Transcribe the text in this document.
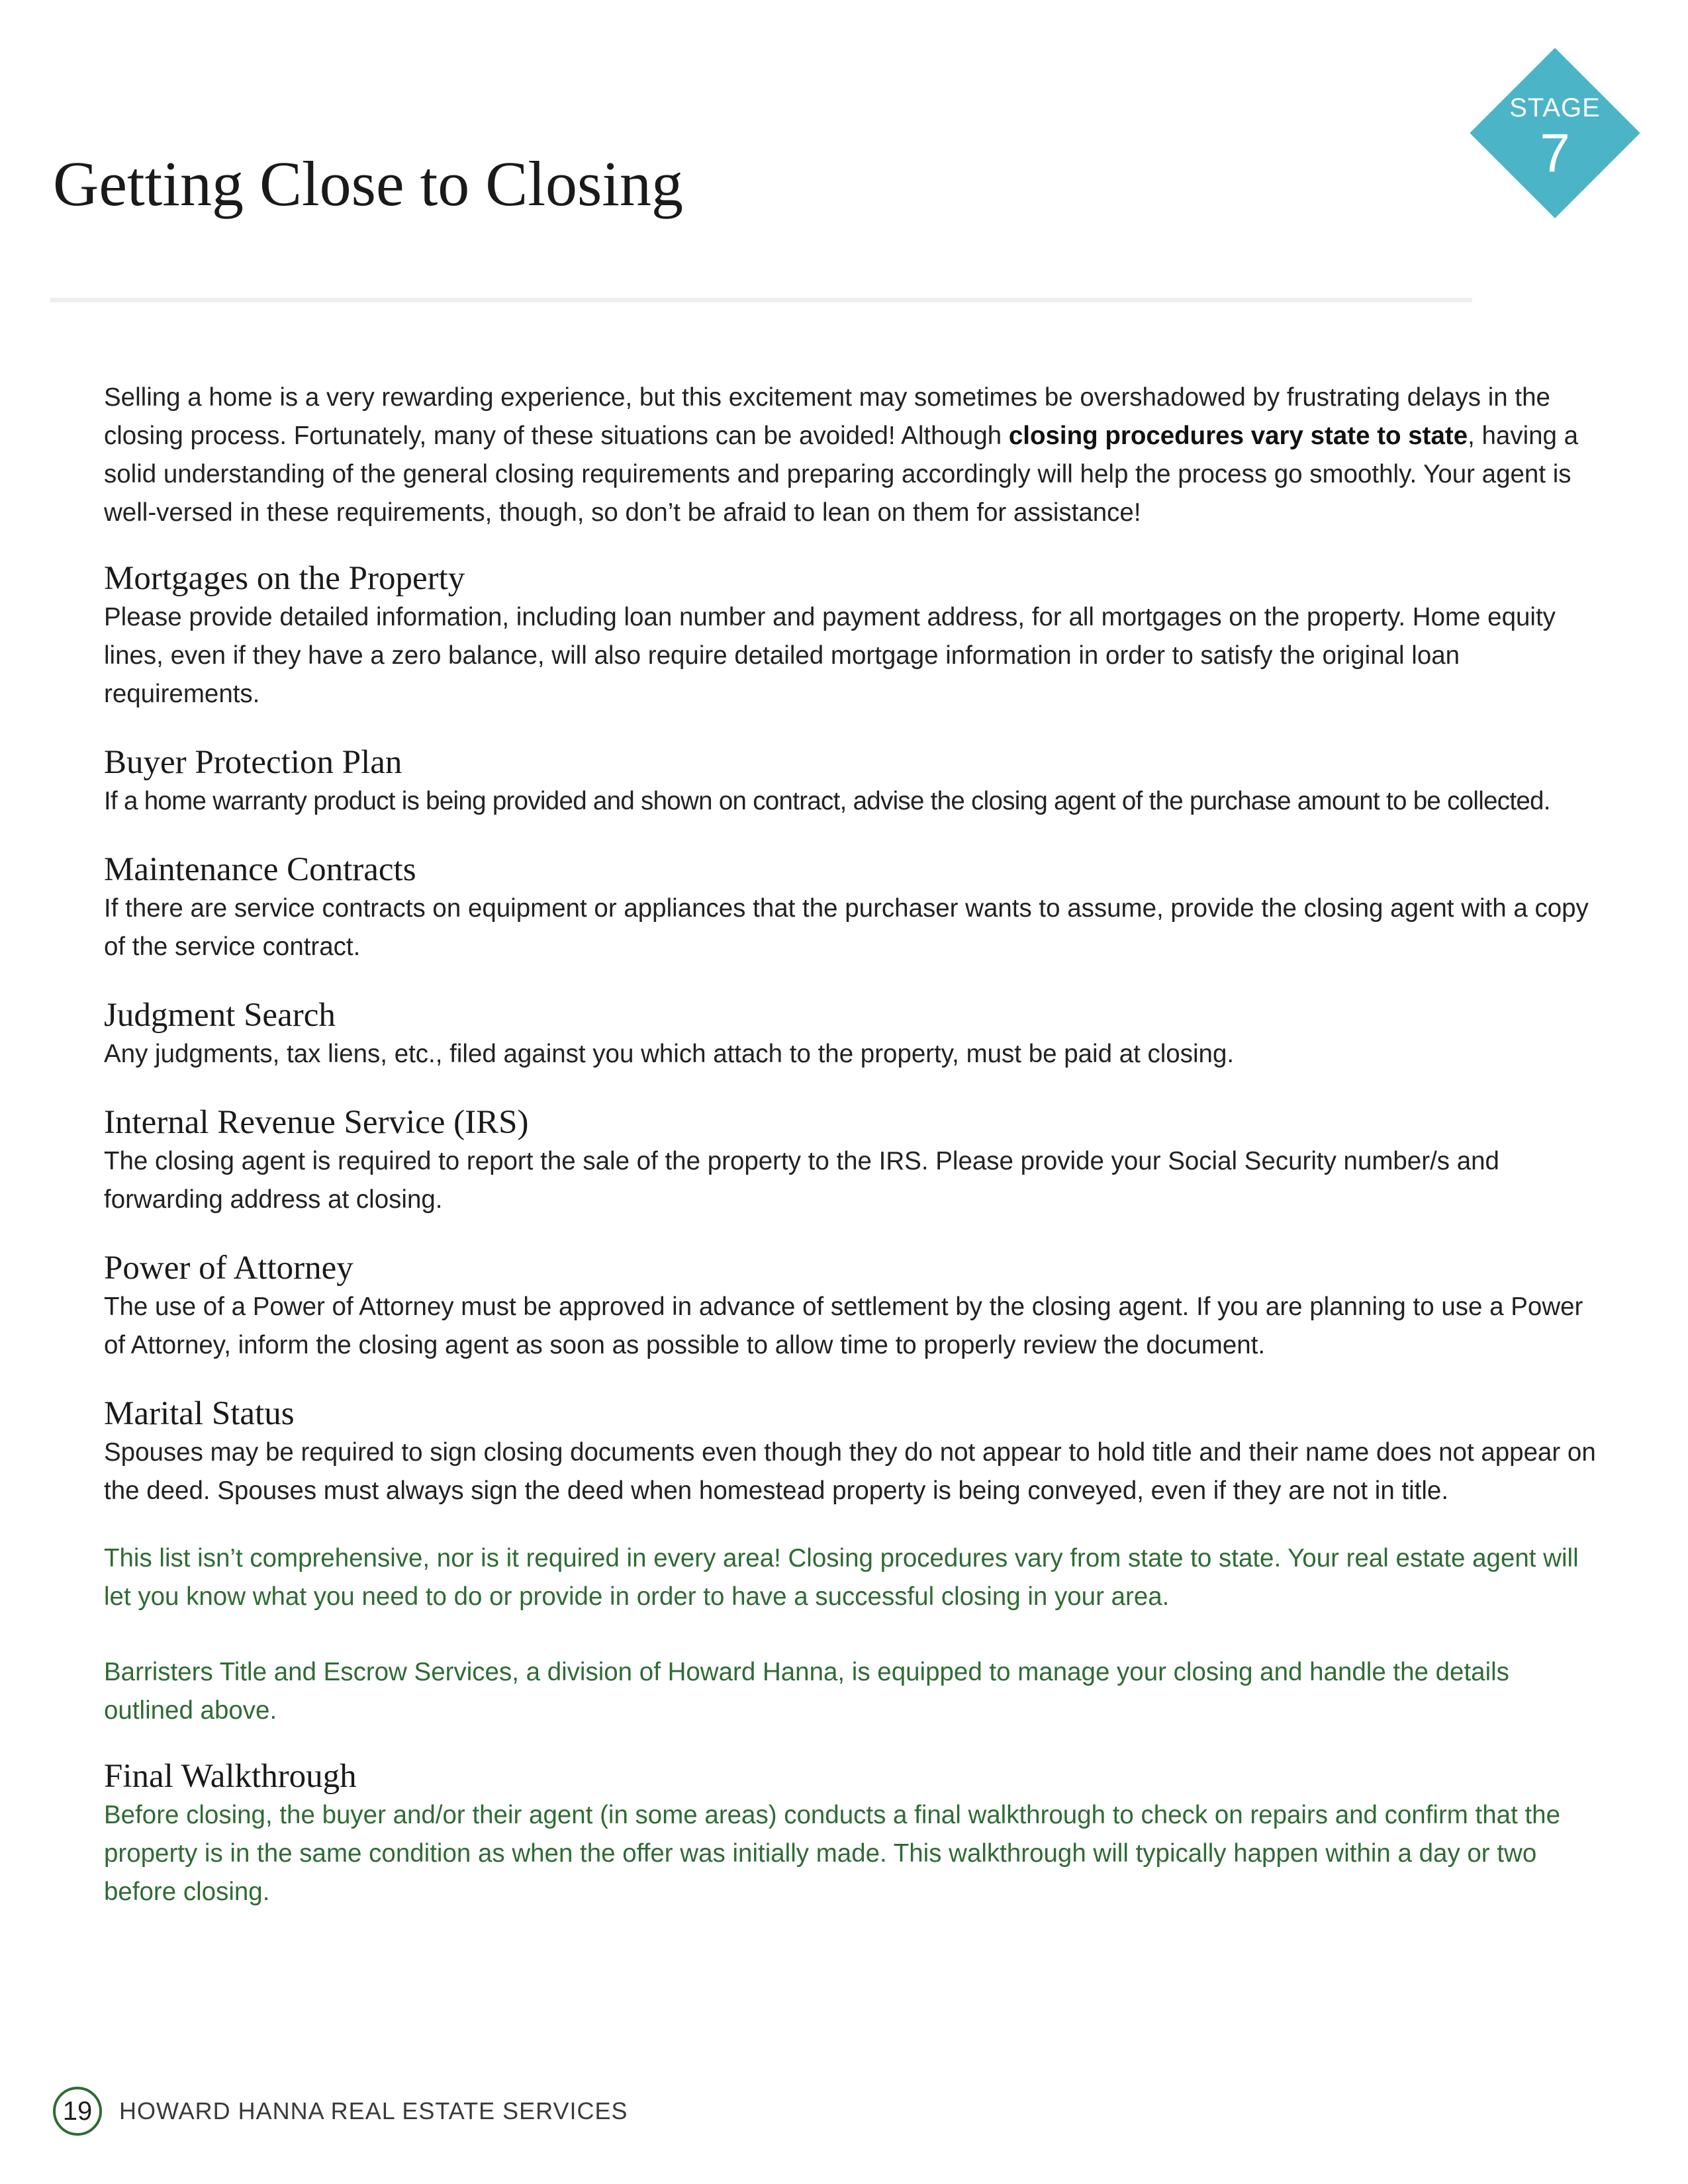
Getting Close to Closing
STAGE
7

Selling a home is a very rewarding experience, but this excitement may sometimes be overshadowed by frustrating delays in the closing process. Fortunately, many of these situations can be avoided! Although closing procedures vary state to state, having a solid understanding of the general closing requirements and preparing accordingly will help the process go smoothly. Your agent is well-versed in these requirements, though, so don’t be afraid to lean on them for assistance!

Mortgages on the Property

Please provide detailed information, including loan number and payment address, for all mortgages on the property. Home equity lines, even if they have a zero balance, will also require detailed mortgage information in order to satisfy the original loan requirements.

Buyer Protection Plan

If a home warranty product is being provided and shown on contract, advise the closing agent of the purchase amount to be collected.

Maintenance Contracts

If there are service contracts on equipment or appliances that the purchaser wants to assume, provide the closing agent with a copy of the service contract.

Judgment Search

Any judgments, tax liens, etc., filed against you which attach to the property, must be paid at closing.

Internal Revenue Service (IRS)

The closing agent is required to report the sale of the property to the IRS. Please provide your Social Security number/s and forwarding address at closing.

Power of Attorney

The use of a Power of Attorney must be approved in advance of settlement by the closing agent. If you are planning to use a Power of Attorney, inform the closing agent as soon as possible to allow time to properly review the document.

Marital Status

Spouses may be required to sign closing documents even though they do not appear to hold title and their name does not appear on the deed. Spouses must always sign the deed when homestead property is being conveyed, even if they are not in title.

This list isn’t comprehensive, nor is it required in every area! Closing procedures vary from state to state. Your real estate agent will let you know what you need to do or provide in order to have a successful closing in your area.

Barristers Title and Escrow Services, a division of Howard Hanna, is equipped to manage your closing and handle the details outlined above.

Final Walkthrough

Before closing, the buyer and/or their agent (in some areas) conducts a final walkthrough to check on repairs and confirm that the property is in the same condition as when the offer was initially made. This walkthrough will typically happen within a day or two before closing.

19	HOWARD HANNA REAL ESTATE SERVICES
